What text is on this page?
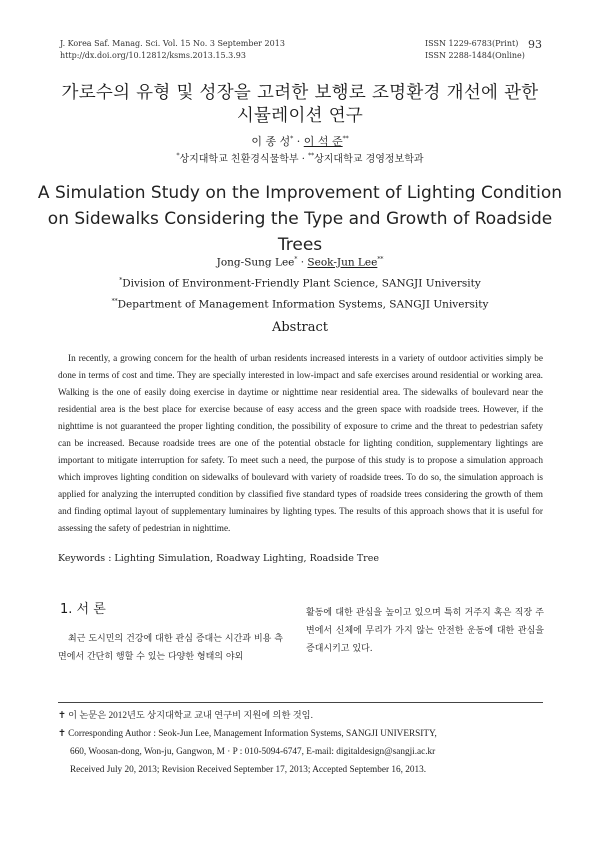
J. Korea Saf. Manag. Sci. Vol. 15 No. 3 September 2013
http://dx.doi.org/10.12812/ksms.2013.15.3.93
ISSN 1229-6783(Print)
ISSN 2288-1484(Online)
93
가로수의 유형 및 성장을 고려한 보행로 조명환경 개선에 관한
시뮬레이션 연구
이 종 성* · 이 석 준**
*상지대학교 친환경식물학부 · **상지대학교 경영정보학과
A Simulation Study on the Improvement of Lighting Condition
on Sidewalks Considering the Type and Growth of Roadside
Trees
Jong-Sung Lee* · Seok-Jun Lee**
*Division of Environment-Friendly Plant Science, SANGJI University
**Department of Management Information Systems, SANGJI University
Abstract

In recently, a growing concern for the health of urban residents increased interests in a variety of outdoor activities simply be done in terms of cost and time. They are specially interested in low-impact and safe exercises around residential or working area. Walking is the one of easily doing exercise in daytime or nighttime near residential area. The sidewalks of boulevard near the residential area is the best place for exercise because of easy access and the green space with roadside trees. However, if the nighttime is not guaranteed the proper lighting condition, the possibility of exposure to crime and the threat to pedestrian safety can be increased. Because roadside trees are one of the potential obstacle for lighting condition, supplementary lightings are important to mitigate interruption for safety. To meet such a need, the purpose of this study is to propose a simulation approach which improves lighting condition on sidewalks of boulevard with variety of roadside trees. To do so, the simulation approach is applied for analyzing the interrupted condition by classified five standard types of roadside trees considering the growth of them and finding optimal layout of supplementary luminaires by lighting types. The results of this approach shows that it is useful for assessing the safety of pedestrian in nighttime.

Keywords : Lighting Simulation, Roadway Lighting, Roadside Tree
1. 서 론

최근 도시민의 건강에 대한 관심 증대는 시간과 비용 측면에서 간단히 행할 수 있는 다양한 형태의 야외

활동에 대한 관심을 높이고 있으며 특히 거주지 혹은 직장 주변에서 신체에 무리가 가지 않는 안전한 운동에 대한 관심을 증대시키고 있다.

✝ 이 논문은 2012년도 상지대학교 교내 연구비 지원에 의한 것임.
✝ Corresponding Author : Seok-Jun Lee, Management Information Systems, SANGJI UNIVERSITY,
660, Woosan-dong, Won-ju, Gangwon, M · P : 010-5094-6747, E-mail: digitaldesign@sangji.ac.kr
Received July 20, 2013; Revision Received September 17, 2013; Accepted September 16, 2013.
